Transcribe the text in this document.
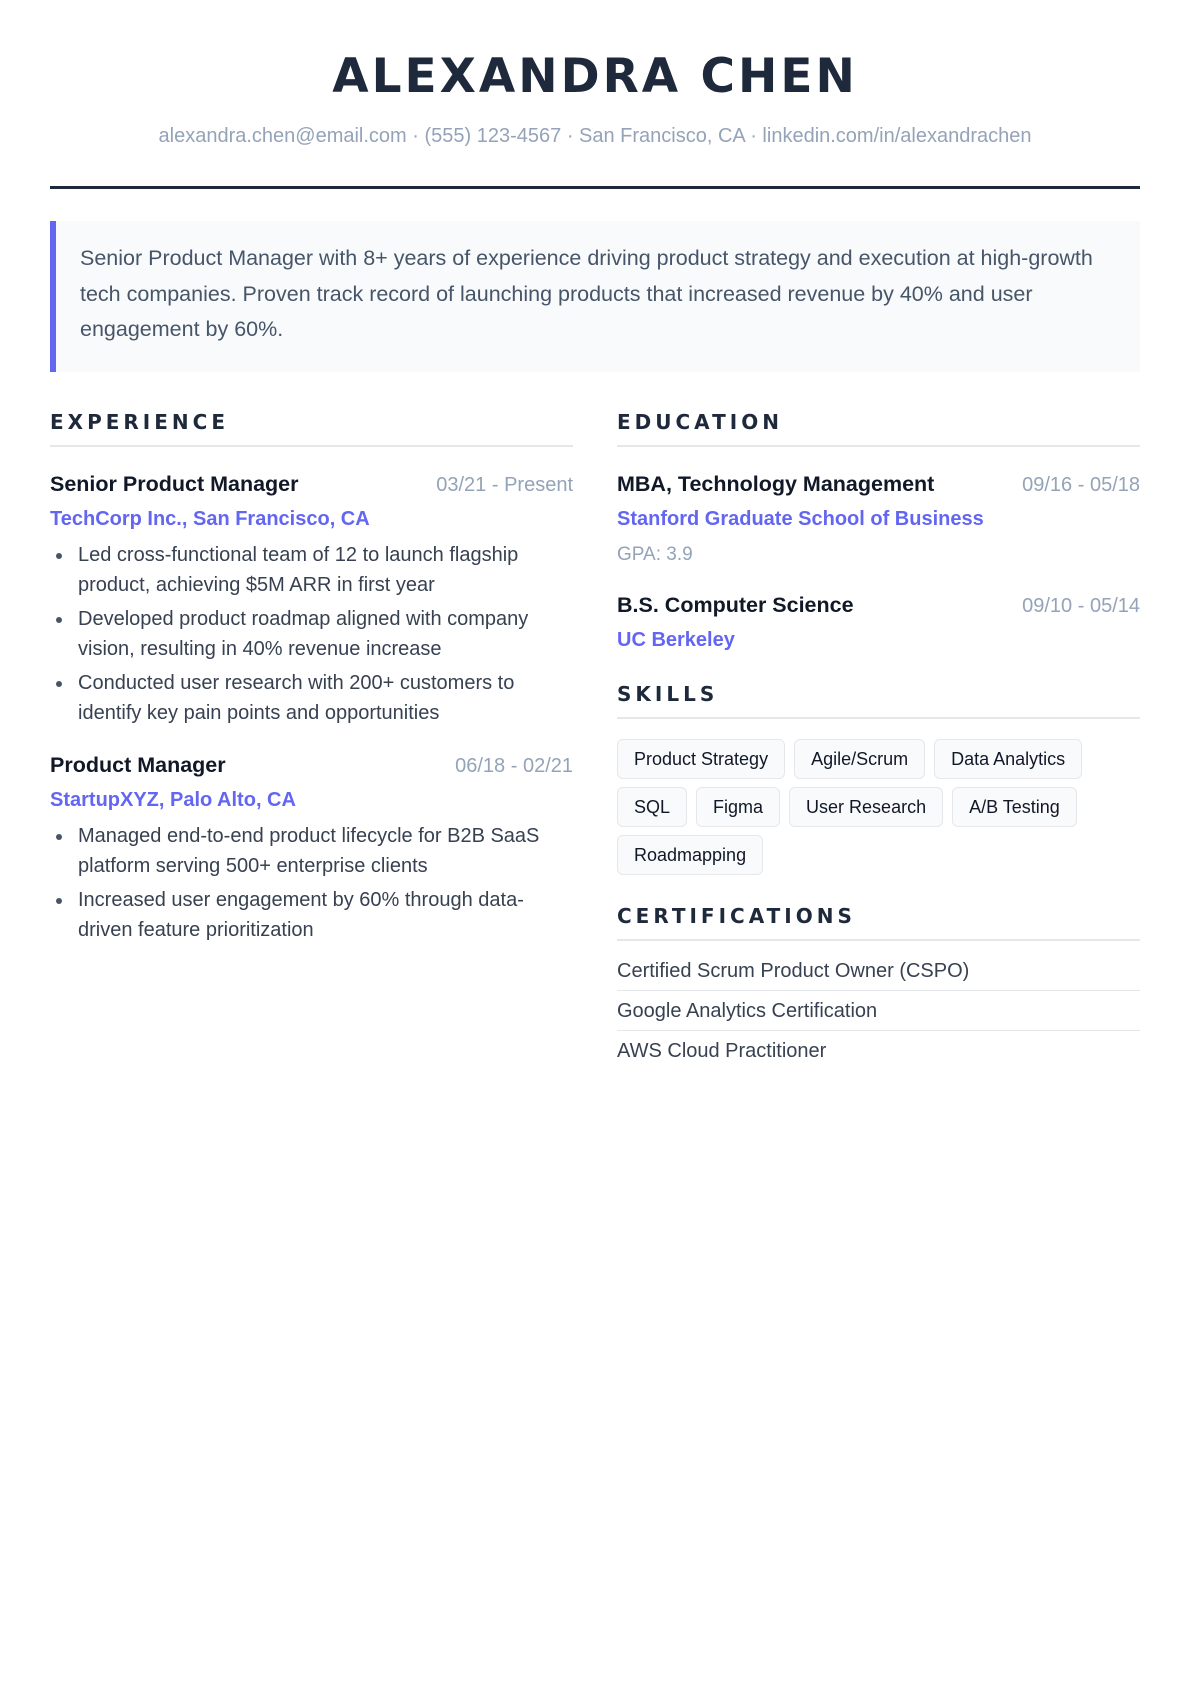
ALEXANDRA CHEN
alexandra.chen@email.com · (555) 123-4567 · San Francisco, CA · linkedin.com/in/alexandrachen
Senior Product Manager with 8+ years of experience driving product strategy and execution at high-growth tech companies. Proven track record of launching products that increased revenue by 40% and user engagement by 60%.
EXPERIENCE
Senior Product Manager	03/21 - Present
TechCorp Inc., San Francisco, CA
Led cross-functional team of 12 to launch flagship product, achieving $5M ARR in first year
Developed product roadmap aligned with company vision, resulting in 40% revenue increase
Conducted user research with 200+ customers to identify key pain points and opportunities
Product Manager	06/18 - 02/21
StartupXYZ, Palo Alto, CA
Managed end-to-end product lifecycle for B2B SaaS platform serving 500+ enterprise clients
Increased user engagement by 60% through data-driven feature prioritization
EDUCATION
MBA, Technology Management	09/16 - 05/18
Stanford Graduate School of Business
GPA: 3.9
B.S. Computer Science	09/10 - 05/14
UC Berkeley
SKILLS
Product Strategy	Agile/Scrum	Data Analytics
SQL	Figma	User Research	A/B Testing
Roadmapping
CERTIFICATIONS
Certified Scrum Product Owner (CSPO)
Google Analytics Certification
AWS Cloud Practitioner
